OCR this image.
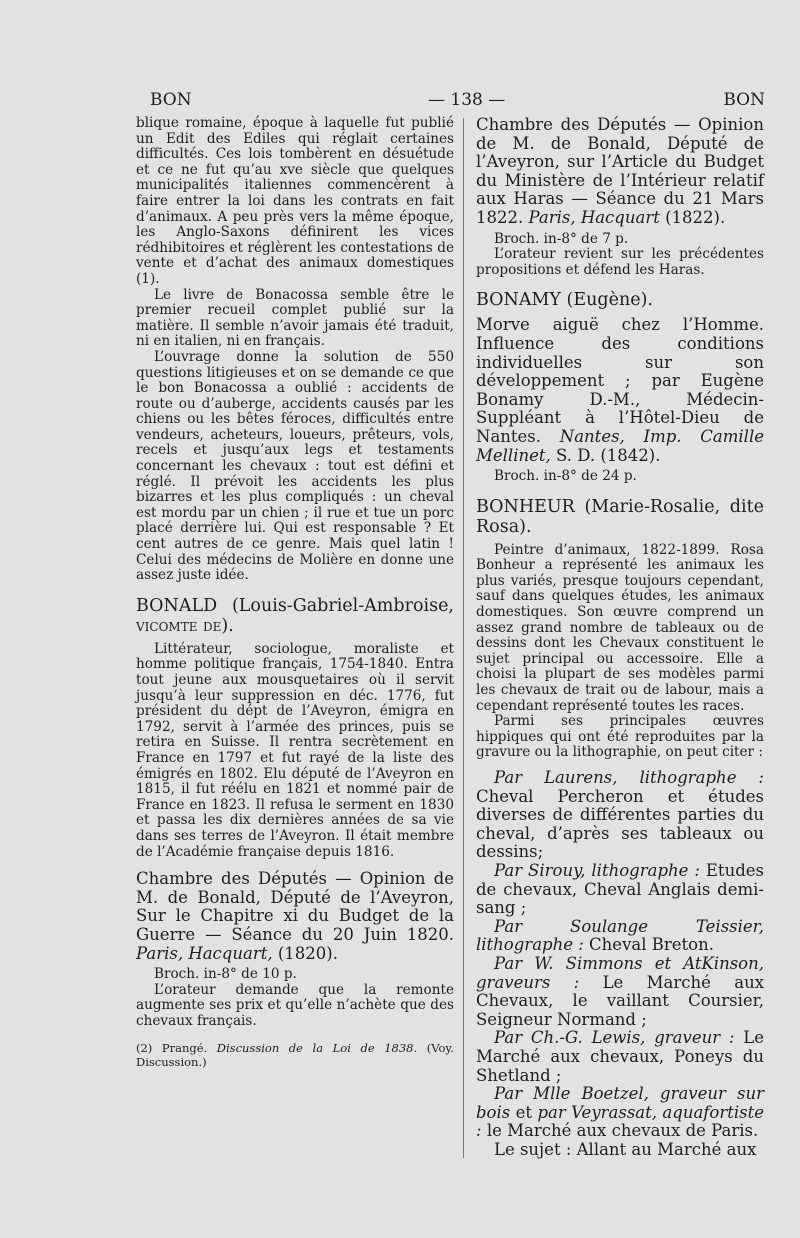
BON	— 138 —	BON

blique romaine, époque à laquelle fut publié un Edit des Ediles qui réglait certaines difficultés. Ces lois tombèrent en désuétude et ce ne fut qu’au xve siècle que quelques municipalités italiennes commencèrent à faire entrer la loi dans les contrats en fait d’animaux. A peu près vers la même époque, les Anglo-Saxons définirent les vices rédhibitoires et réglèrent les contestations de vente et d’achat des animaux domestiques (1).

Le livre de Bonacossa semble être le premier recueil complet publié sur la matière. Il semble n’avoir jamais été traduit, ni en italien, ni en français.

L’ouvrage donne la solution de 550 questions litigieuses et on se demande ce que le bon Bonacossa a oublié : accidents de route ou d’auberge, accidents causés par les chiens ou les bêtes féroces, difficultés entre vendeurs, acheteurs, loueurs, prêteurs, vols, recels et jusqu’aux legs et testaments concernant les chevaux : tout est défini et réglé. Il prévoit les accidents les plus bizarres et les plus compliqués : un cheval est mordu par un chien ; il rue et tue un porc placé derrière lui. Qui est responsable ? Et cent autres de ce genre. Mais quel latin ! Celui des médecins de Molière en donne une assez juste idée.

BONALD (Louis-Gabriel-Ambroise, vicomte de).

Littérateur, sociologue, moraliste et homme politique français, 1754-1840. Entra tout jeune aux mousquetaires où il servit jusqu’à leur suppression en déc. 1776, fut président du dépt de l’Aveyron, émigra en 1792, servit à l’armée des princes, puis se retira en Suisse. Il rentra secrètement en France en 1797 et fut rayé de la liste des émigrés en 1802. Elu député de l’Aveyron en 1815, il fut réélu en 1821 et nommé pair de France en 1823. Il refusa le serment en 1830 et passa les dix dernières années de sa vie dans ses terres de l’Aveyron. Il était membre de l’Académie française depuis 1816.

Chambre des Députés — Opinion de M. de Bonald, Député de l’Aveyron, Sur le Chapitre xi du Budget de la Guerre — Séance du 20 Juin 1820. Paris, Hacquart, (1820).

Broch. in-8° de 10 p.

L’orateur demande que la remonte augmente ses prix et qu’elle n’achète que des chevaux français.

(2) Prangé. Discussion de la Loi de 1838. (Voy. Discussion.)
Chambre des Députés — Opinion de M. de Bonald, Député de l’Aveyron, sur l’Article du Budget du Ministère de l’Intérieur relatif aux Haras — Séance du 21 Mars 1822. Paris, Hacquart (1822).

Broch. in-8° de 7 p.

L’orateur revient sur les précédentes propositions et défend les Haras.

BONAMY (Eugène).
Morve aiguë chez l’Homme. Influence des conditions individuelles sur son développement ; par Eugène Bonamy D.-M., Médecin-Suppléant à l’Hôtel-Dieu de Nantes. Nantes, Imp. Camille Mellinet, S. D. (1842).

Broch. in-8° de 24 p.

BONHEUR (Marie-Rosalie, dite Rosa).

Peintre d’animaux, 1822-1899. Rosa Bonheur a représenté les animaux les plus variés, presque toujours cependant, sauf dans quelques études, les animaux domestiques. Son œuvre comprend un assez grand nombre de tableaux ou de dessins dont les Chevaux constituent le sujet principal ou accessoire. Elle a choisi la plupart de ses modèles parmi les chevaux de trait ou de labour, mais a cependant représenté toutes les races.

Parmi ses principales œuvres hippiques qui ont été reproduites par la gravure ou la lithographie, on peut citer :

Par Laurens, lithographe : Cheval Percheron et études diverses de différentes parties du cheval, d’après ses tableaux ou dessins;

Par Sirouy, lithographe : Etudes de chevaux, Cheval Anglais demi-sang ;

Par Soulange Teissier, lithographe : Cheval Breton.

Par W. Simmons et AtKinson, graveurs : Le Marché aux Chevaux, le vaillant Coursier, Seigneur Normand ;

Par Ch.-G. Lewis, graveur : Le Marché aux chevaux, Poneys du Shetland ;

Par Mlle Boetzel, graveur sur bois et par Veyrassat, aquafortiste : le Marché aux chevaux de Paris.

Le sujet : Allant au Marché aux
